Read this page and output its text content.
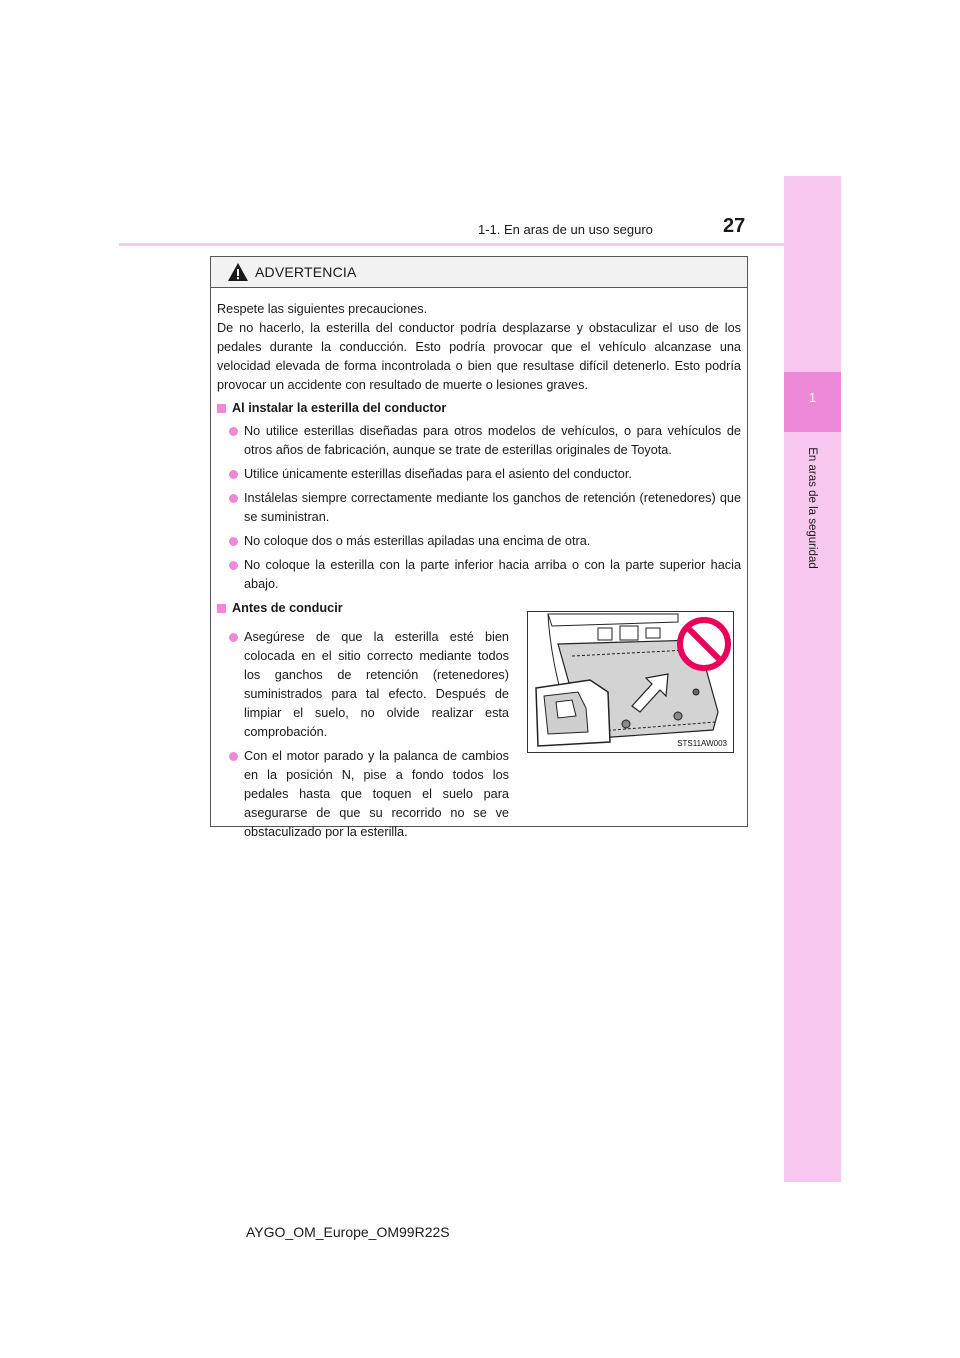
1
En aras de la seguridad
1-1. En aras de un uso seguro	27
ADVERTENCIA

Respete las siguientes precauciones.
De no hacerlo, la esterilla del conductor podría desplazarse y obstaculizar el uso de los pedales durante la conducción. Esto podría provocar que el vehículo alcanzase una velocidad elevada de forma incontrolada o bien que resultase difícil detenerlo. Esto podría provocar un accidente con resultado de muerte o lesiones graves.

Al instalar la esterilla del conductor
No utilice esterillas diseñadas para otros modelos de vehículos, o para vehículos de otros años de fabricación, aunque se trate de esterillas originales de Toyota.
Utilice únicamente esterillas diseñadas para el asiento del conductor.
Instálelas siempre correctamente mediante los ganchos de retención (retenedores) que se suministran.
No coloque dos o más esterillas apiladas una encima de otra.
No coloque la esterilla con la parte inferior hacia arriba o con la parte superior hacia abajo.
Antes de conducir
Asegúrese de que la esterilla esté bien colocada en el sitio correcto mediante todos los ganchos de retención (retenedores) suministrados para tal efecto. Después de limpiar el suelo, no olvide realizar esta comprobación.
Con el motor parado y la palanca de cambios en la posición N, pise a fondo todos los pedales hasta que toquen el suelo para asegurarse de que su recorrido no se ve obstaculizado por la esterilla.
STS11AW003
AYGO_OM_Europe_OM99R22S
